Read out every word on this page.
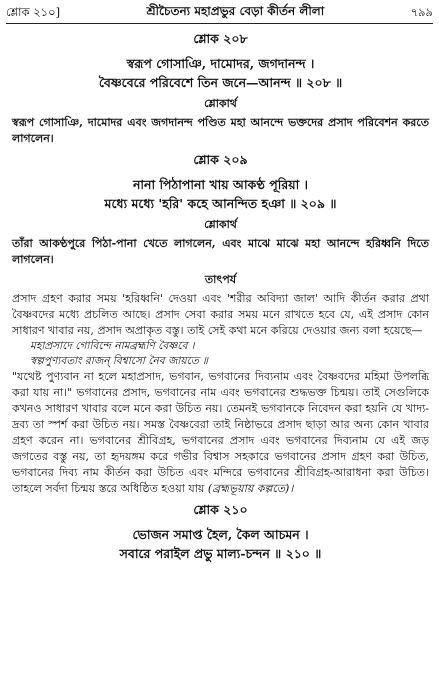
শ্লোক ২১০]	শ্রীচৈতন্য মহাপ্রভুর বেড়া কীর্তন লীলা	৭৯৯
শ্লোক ২০৮
স্বরূপ গোসাঞি, দামোদর, জগদানন্দ ।
বৈষ্ণবেরে পরিবেশে তিন জনে—আনন্দ ॥ ২০৮ ॥
শ্লোকার্থ

স্বরূপ গোসাঞি, দামোদর এবং জগদানন্দ পণ্ডিত মহা আনন্দে ভক্তদের প্রসাদ পরিবেশন করতে লাগলেন।

শ্লোক ২০৯
নানা পিঠাপানা খায় আকণ্ঠ পূরিয়া ।
মধ্যে মধ্যে 'হরি' কহে আনন্দিত হঞা ॥ ২০৯ ॥
শ্লোকার্থ

তাঁরা আকণ্ঠপুরে পিঠা-পানা খেতে লাগলেন, এবং মাঝে মাঝে মহা আনন্দে হরিধ্বনি দিতে লাগলেন।

তাৎপর্য

প্রসাদ গ্রহণ করার সময় 'হরিধ্বনি' দেওয়া এবং 'শরীর অবিদ্যা জাল' আদি কীর্তন করার প্রথা বৈষ্ণবদের মধ্যে প্রচলিত আছে। প্রসাদ সেবা করার সময় মনে রাখতে হবে যে, এই প্রসাদ কোন সাধারণ খাবার নয়, প্রসাদ অপ্রাকৃত বস্তু। তাই সেই কথা মনে করিয়ে দেওয়ার জন্য বলা হয়েছে—

মহাপ্রসাদে গোবিন্দে নামব্রহ্মণি বৈষ্ণবে ।
স্বল্পপুণ্যবতাং রাজন্ বিশ্বাসো নৈব জায়তে ॥

"যথেষ্ট পুণ্যবান না হলে মহাপ্রসাদ, ভগবান, ভগবানের দিব্যনাম এবং বৈষ্ণবদের মহিমা উপলব্ধি করা যায় না।" ভগবানের প্রসাদ, ভগবানের নাম এবং ভগবানের শুদ্ধভক্ত চিন্ময়। তাই সেগুলিকে কখনও সাধারণ খাবার বলে মনে করা উচিত নয়। তেমনই ভগবানকে নিবেদন করা হয়নি যে খাদ্য-দ্রব্য তা স্পর্শ করা উচিত নয়। সমস্ত বৈষ্ণবেরা তাই নিষ্ঠাভরে প্রসাদ ছাড়া আর অন্য কোন খাবার গ্রহণ করেন না। ভগবানের শ্রীবিগ্রহ, ভগবানের প্রসাদ এবং ভগবানের দিব্যনাম যে এই জড় জগতের বস্তু নয়, তা হৃদয়ঙ্গম করে গভীর বিশ্বাস সহকারে ভগবানের প্রসাদ গ্রহণ করা উচিত, ভগবানের দিব্য নাম কীর্তন করা উচিত এবং মন্দিরে ভগবানের শ্রীবিগ্রহ-আরাধনা করা উচিত। তাহলে সর্বদা চিন্ময় স্তরে অধিষ্ঠিত হওয়া যায় (ব্রহ্মভূয়ায় কল্পতে)।

শ্লোক ২১০
ভোজন সমাপ্ত হৈল, কৈল আচমন ।
সবারে পরাইল প্রভু মাল্য-চন্দন ॥ ২১০ ॥
